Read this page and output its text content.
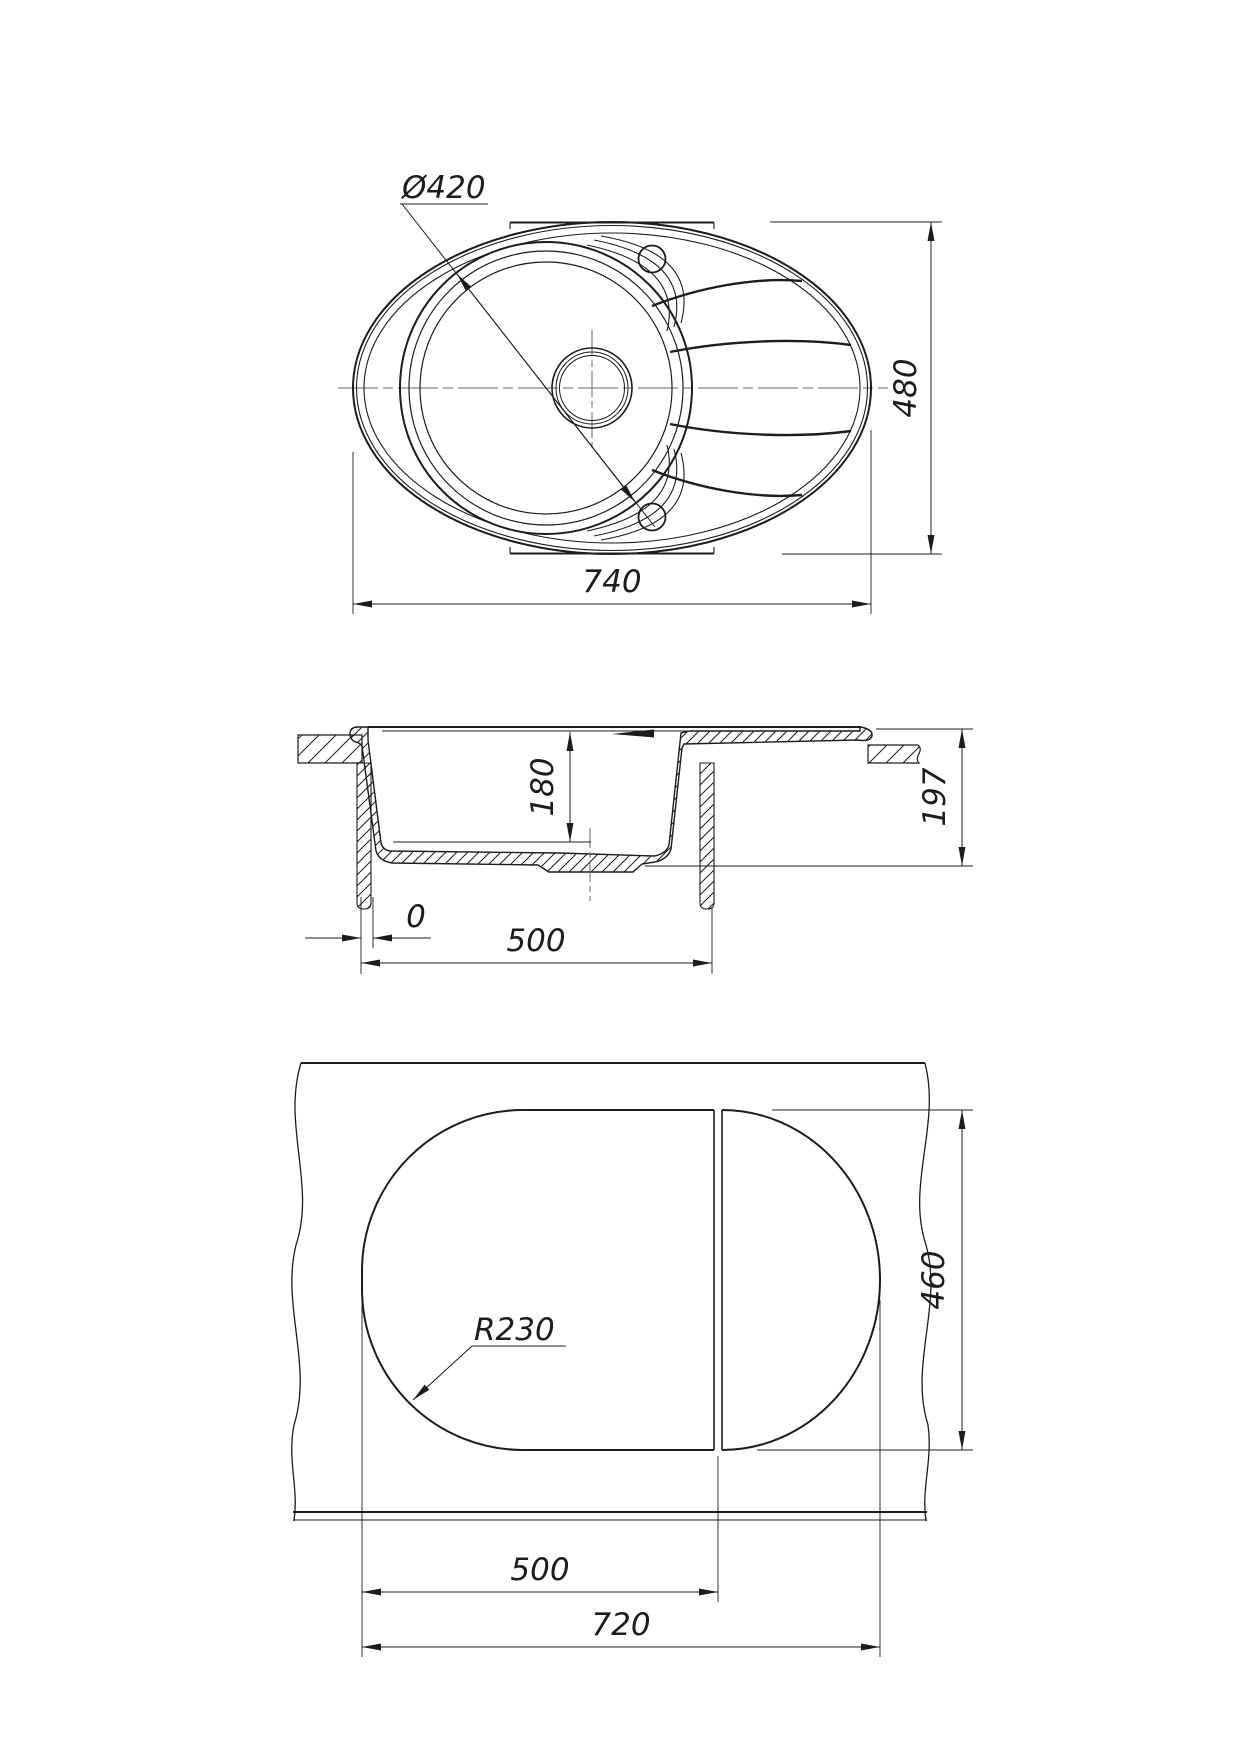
Ø420
740
480
180	197
0
500
R230
460
500
720
